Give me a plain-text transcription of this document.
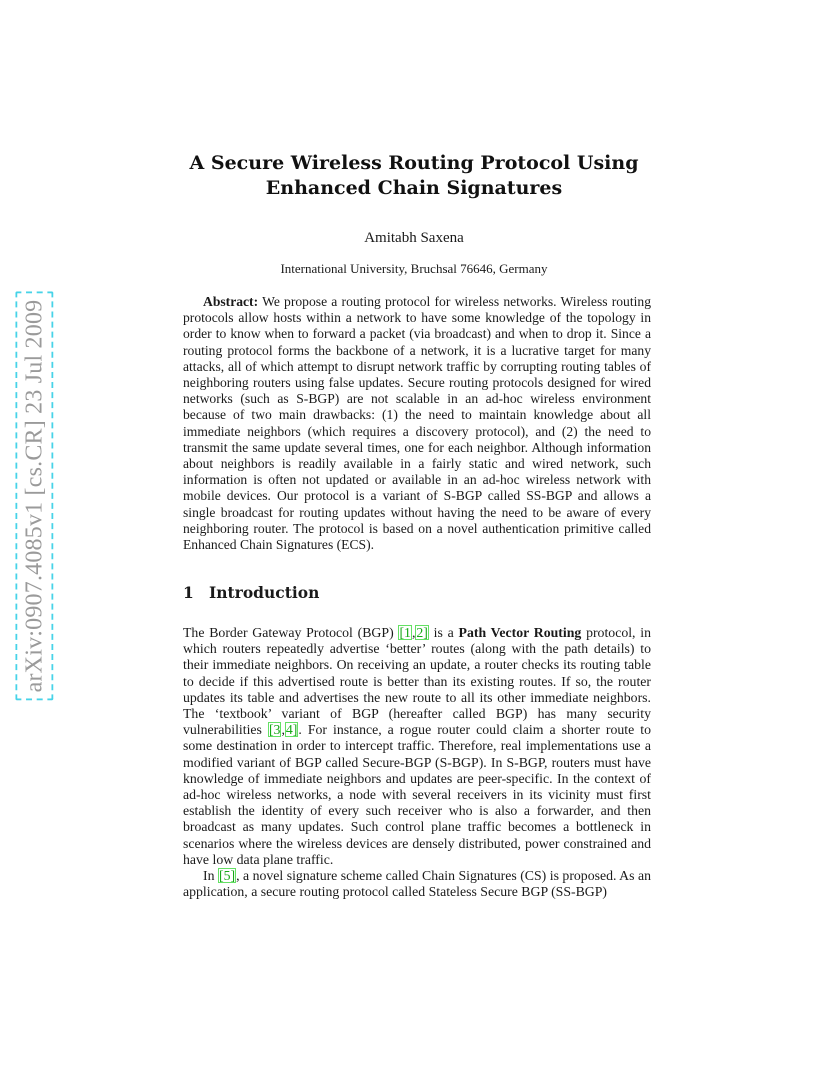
arXiv:0907.4085v1 [cs.CR] 23 Jul 2009
A Secure Wireless Routing Protocol Using
Enhanced Chain Signatures
Amitabh Saxena
International University, Bruchsal 76646, Germany

Abstract: We propose a routing protocol for wireless networks. Wireless routing protocols allow hosts within a network to have some knowledge of the topology in order to know when to forward a packet (via broadcast) and when to drop it. Since a routing protocol forms the backbone of a network, it is a lucrative target for many attacks, all of which attempt to disrupt network traffic by corrupting routing tables of neighboring routers using false updates. Secure routing protocols designed for wired networks (such as S-BGP) are not scalable in an ad-hoc wireless environment because of two main drawbacks: (1) the need to maintain knowledge about all immediate neighbors (which requires a discovery protocol), and (2) the need to transmit the same update several times, one for each neighbor. Although information about neighbors is readily available in a fairly static and wired network, such information is often not updated or available in an ad-hoc wireless network with mobile devices. Our protocol is a variant of S-BGP called SS-BGP and allows a single broadcast for routing updates without having the need to be aware of every neighboring router. The protocol is based on a novel authentication primitive called Enhanced Chain Signatures (ECS).

1 Introduction

The Border Gateway Protocol (BGP) [1,2] is a Path Vector Routing protocol, in which routers repeatedly advertise ‘better’ routes (along with the path details) to their immediate neighbors. On receiving an update, a router checks its routing table to decide if this advertised route is better than its existing routes. If so, the router updates its table and advertises the new route to all its other immediate neighbors. The ‘textbook’ variant of BGP (hereafter called BGP) has many security vulnerabilities [3,4]. For instance, a rogue router could claim a shorter route to some destination in order to intercept traffic. Therefore, real implementations use a modified variant of BGP called Secure-BGP (S-BGP). In S-BGP, routers must have knowledge of immediate neighbors and updates are peer-specific. In the context of ad-hoc wireless networks, a node with several receivers in its vicinity must first establish the identity of every such receiver who is also a forwarder, and then broadcast as many updates. Such control plane traffic becomes a bottleneck in scenarios where the wireless devices are densely distributed, power constrained and have low data plane traffic.

In [5], a novel signature scheme called Chain Signatures (CS) is proposed. As an application, a secure routing protocol called Stateless Secure BGP (SS-BGP)
